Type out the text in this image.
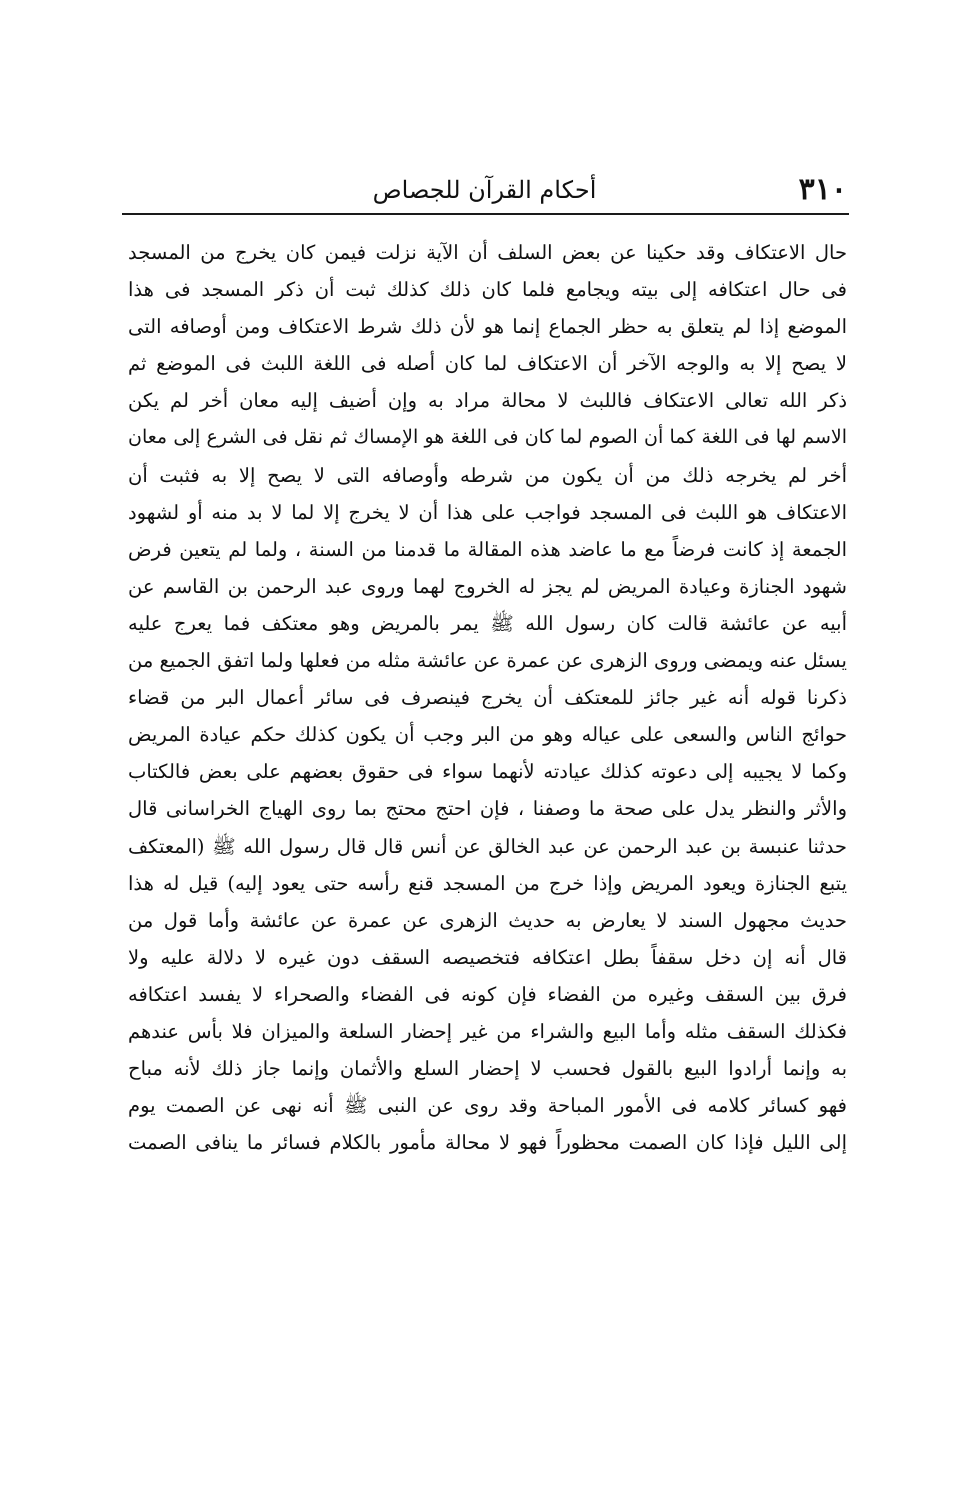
٣١٠
أحكام القرآن للجصاص
حال الاعتكاف وقد حكينا عن بعض السلف أن الآية نزلت فيمن كان يخرج من المسجد
فى حال اعتكافه إلى بيته ويجامع فلما كان ذلك كذلك ثبت أن ذكر المسجد فى هذا
الموضع إذا لم يتعلق به حظر الجماع إنما هو لأن ذلك شرط الاعتكاف ومن أوصافه التى
لا يصح إلا به والوجه الآخر أن الاعتكاف لما كان أصله فى اللغة اللبث فى الموضع ثم
ذكر الله تعالى الاعتكاف فاللبث لا محالة مراد به وإن أضيف إليه معان أخر لم يكن
الاسم لها فى اللغة كما أن الصوم لما كان فى اللغة هو الإمساك ثم نقل فى الشرع إلى معان
أخر لم يخرجه ذلك من أن يكون من شرطه وأوصافه التى لا يصح إلا به فثبت أن
الاعتكاف هو اللبث فى المسجد فواجب على هذا أن لا يخرج إلا لما لا بد منه أو لشهود
الجمعة إذ كانت فرضاً مع ما عاضد هذه المقالة ما قدمنا من السنة ، ولما لم يتعين فرض
شهود الجنازة وعيادة المريض لم يجز له الخروج لهما وروى عبد الرحمن بن القاسم عن
أبيه عن عائشة قالت كان رسول الله ﷺ يمر بالمريض وهو معتكف فما يعرج عليه
يسئل عنه ويمضى وروى الزهرى عن عمرة عن عائشة مثله من فعلها ولما اتفق الجميع من
ذكرنا قوله أنه غير جائز للمعتكف أن يخرج فينصرف فى سائر أعمال البر من قضاء
حوائج الناس والسعى على عياله وهو من البر وجب أن يكون كذلك حكم عيادة المريض
وكما لا يجيبه إلى دعوته كذلك عيادته لأنهما سواء فى حقوق بعضهم على بعض فالكتاب
والأثر والنظر يدل على صحة ما وصفنا ، فإن احتج محتج بما روى الهياج الخراسانى قال
حدثنا عنبسة بن عبد الرحمن عن عبد الخالق عن أنس قال قال رسول الله ﷺ (المعتكف
يتبع الجنازة ويعود المريض وإذا خرج من المسجد قنع رأسه حتى يعود إليه) قيل له هذا
حديث مجهول السند لا يعارض به حديث الزهرى عن عمرة عن عائشة وأما قول من
قال أنه إن دخل سقفاً بطل اعتكافه فتخصيصه السقف دون غيره لا دلالة عليه ولا
فرق بين السقف وغيره من الفضاء فإن كونه فى الفضاء والصحراء لا يفسد اعتكافه
فكذلك السقف مثله وأما البيع والشراء من غير إحضار السلعة والميزان فلا بأس عندهم
به وإنما أرادوا البيع بالقول فحسب لا إحضار السلع والأثمان وإنما جاز ذلك لأنه مباح
فهو كسائر كلامه فى الأمور المباحة وقد روى عن النبى ﷺ أنه نهى عن الصمت يوم
إلى الليل فإذا كان الصمت محظوراً فهو لا محالة مأمور بالكلام فسائر ما ينافى الصمت
